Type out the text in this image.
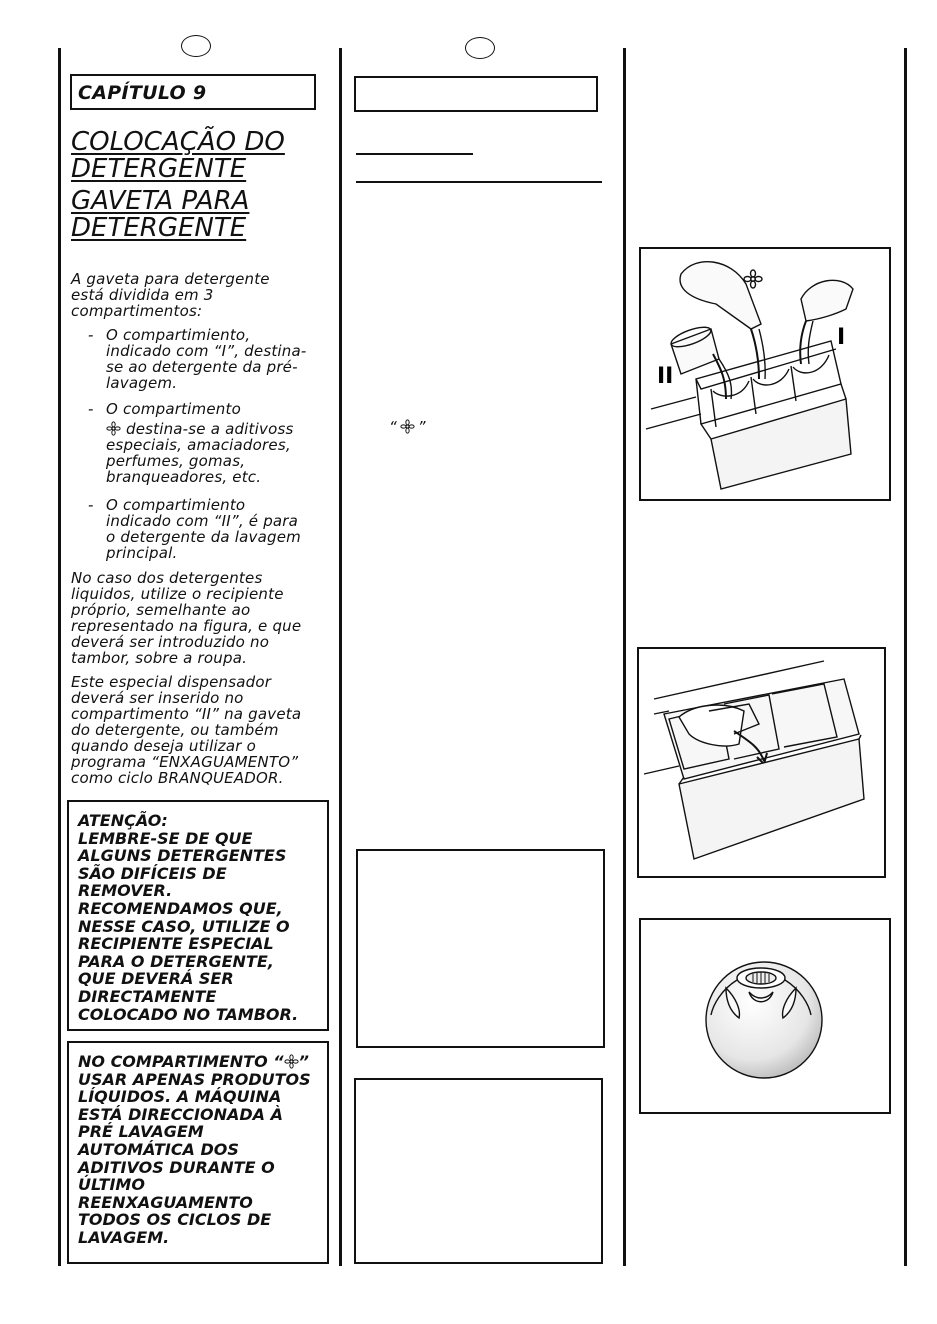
CAPÍTULO 9
COLOCAÇÃO DO
DETERGENTE
GAVETA PARA
DETERGENTE
A gaveta para detergente
está dividida em 3
compartimentos:
- O compartimiento,
indicado com “I”, destina-
se ao detergente da pré-
lavagem.
- O compartimento
destina-se a aditivoss
especiais, amaciadores,
perfumes, gomas,
branqueadores, etc.
- O compartimiento
indicado com “II”, é para
o detergente da lavagem
principal.
No caso dos detergentes
liquidos, utilize o recipiente
próprio, semelhante ao
representado na figura, e que
deverá ser introduzido no
tambor, sobre a roupa.
Este especial dispensador
deverá ser inserido no
compartimento “II” na gaveta
do detergente, ou também
quando deseja utilizar o
programa “ENXAGUAMENTO”
como ciclo BRANQUEADOR.
ATENÇÃO:
LEMBRE-SE DE QUE
ALGUNS DETERGENTES
SÃO DIFÍCEIS DE
REMOVER.
RECOMENDAMOS QUE,
NESSE CASO, UTILIZE O
RECIPIENTE ESPECIAL
PARA O DETERGENTE,
QUE DEVERÁ SER
DIRECTAMENTE
COLOCADO NO TAMBOR.
NO COMPARTIMENTO “ ”
USAR APENAS PRODUTOS
LÍQUIDOS. A MÁQUINA
ESTÁ DIRECCIONADA À
PRÉ LAVAGEM
AUTOMÁTICA DOS
ADITIVOS DURANTE O
ÚLTIMO
REENXAGUAMENTO
TODOS OS CICLOS DE
LAVAGEM.
“ ”
I
II
